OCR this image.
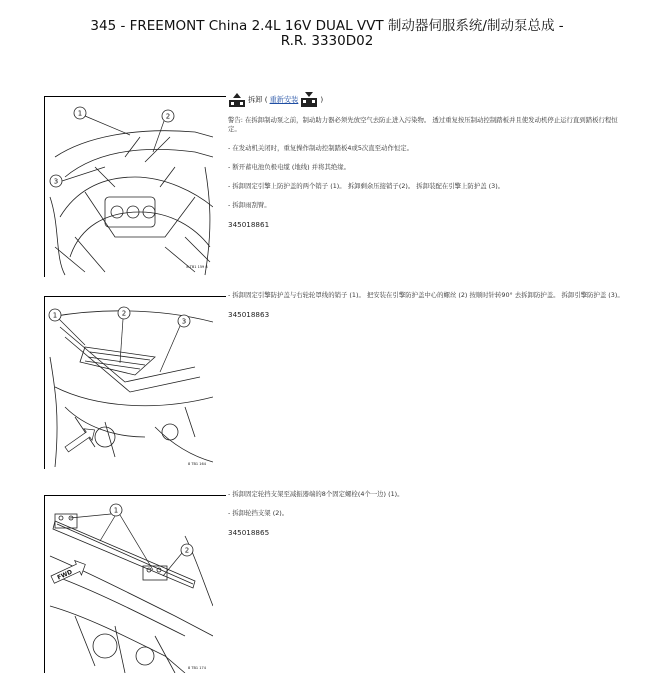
345 - FREEMONT China 2.4L 16V DUAL VVT 制动器伺服系统/制动泵总成 -
R.R. 3330D02
1	2
3
8 TB1 159 8
拆卸 ( 重新安装	)
警告: 在拆卸制动泵之前，制动助力器必须先放空气去防止进入污染物。 透过重复按压制动控制踏板并且使发动机停止运行直到踏板行程恒定。
- 在发动机关闭时，重复操作制动控制踏板4或5次直至动作恒定。
- 断开蓄电池负极电缆 (地线) 并将其绝缘。
- 拆卸固定引擎上防护盖的两个销子 (1)。 拆卸剩余压接销子(2)。 拆卸装配在引擎上防护盖 (3)。
- 拆卸雨刮臂。
345018861
1	2
3
8 TB1 164
- 拆卸固定引擎防护盖与右轮轮罩线的销子 (1)。 把安装在引擎防护盖中心的螺丝 (2) 按顺时针转90° 去拆卸防护盖。 拆卸引擎防护盖 (3)。
345018863
FWD
1
2
8 TB1 174
- 拆卸固定轮挡支架至减振器端的8个固定螺栓(4个一边) (1)。
- 拆卸轮挡支架 (2)。
345018865
